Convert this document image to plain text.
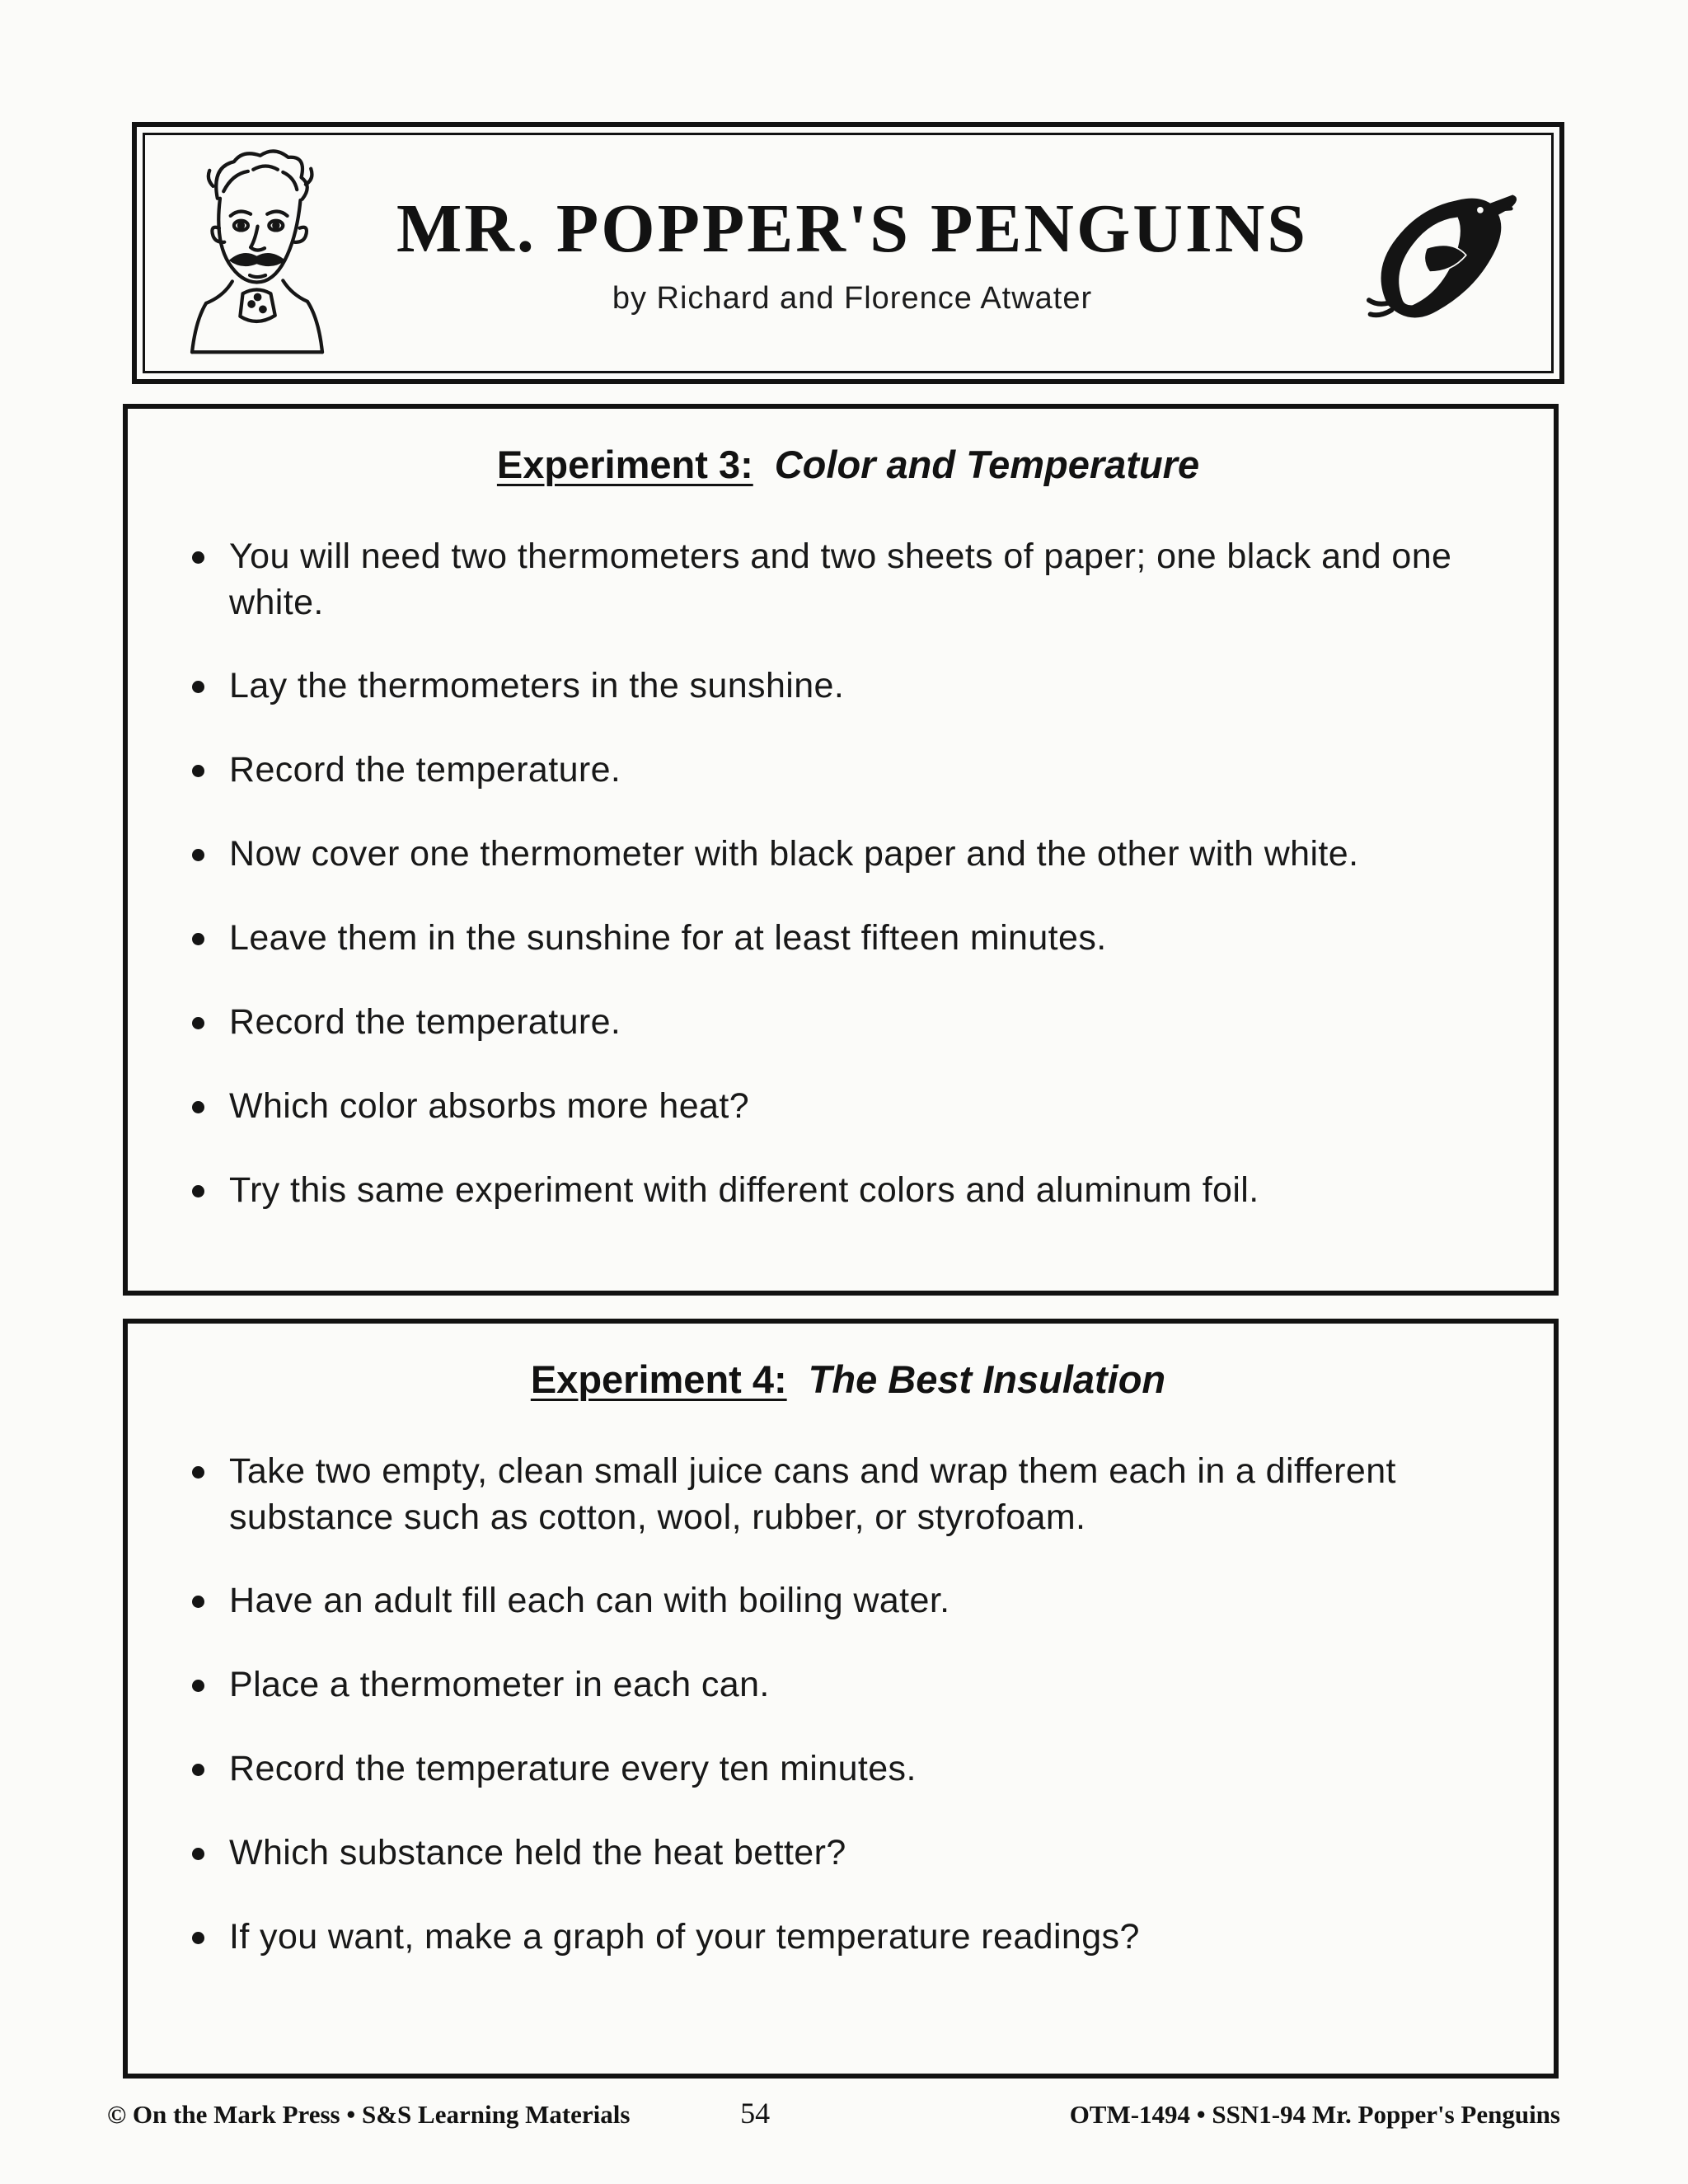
MR. POPPER'S PENGUINS

by Richard and Florence Atwater

Experiment 3: Color and Temperature
You will need two thermometers and two sheets of paper; one black and one white.
Lay the thermometers in the sunshine.
Record the temperature.
Now cover one thermometer with black paper and the other with white.
Leave them in the sunshine for at least fifteen minutes.
Record the temperature.
Which color absorbs more heat?
Try this same experiment with different colors and aluminum foil.
Experiment 4: The Best Insulation
Take two empty, clean small juice cans and wrap them each in a different substance such as cotton, wool, rubber, or styrofoam.
Have an adult fill each can with boiling water.
Place a thermometer in each can.
Record the temperature every ten minutes.
Which substance held the heat better?
If you want, make a graph of your temperature readings?
© On the Mark Press • S&S Learning Materials	54	OTM-1494 • SSN1-94 Mr. Popper's Penguins
